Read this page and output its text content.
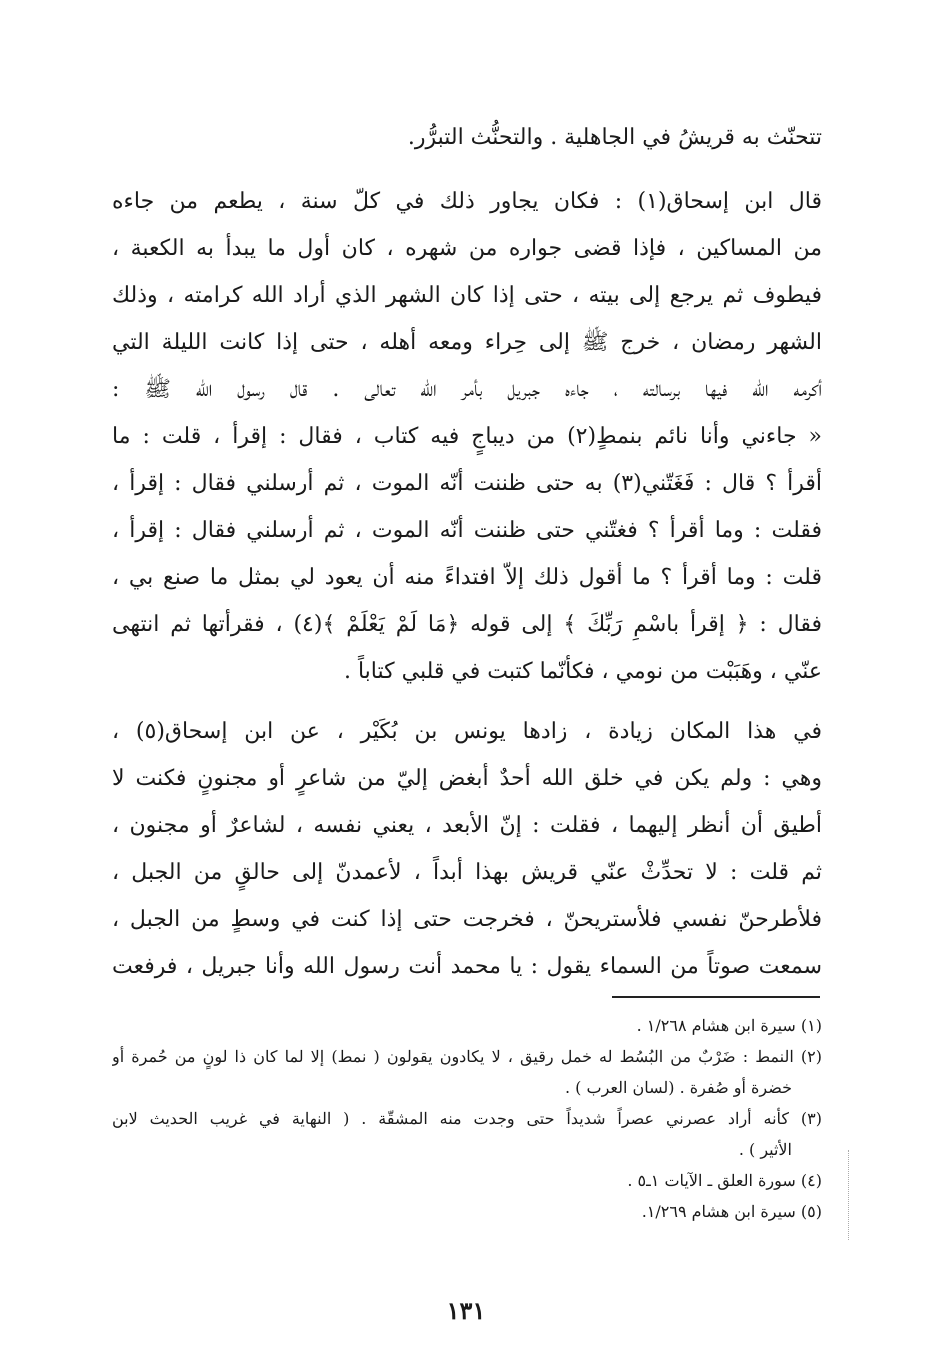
تتحنّث به قريشُ في الجاهلية . والتحنُّث التبرُّر.
قال ابن إسحاق(١) : فكان يجاور ذلك في كلّ سنة ، يطعم من جاءه
من المساكين ، فإذا قضى جواره من شهره ، كان أول ما يبدأ به الكعبة ،
فيطوف ثم يرجع إلى بيته ، حتى إذا كان الشهر الذي أراد الله كرامته ، وذلك
الشهر رمضان ، خرج ﷺ إلى حِراء ومعه أهله ، حتى إذا كانت الليلة التي
أكرمه الله فيها برسالته ، جاءه جبريل بأمر الله تعالى . قال رسول الله ﷺ :
« جاءني وأنا نائم بنمطٍ(٢) من ديباجٍ فيه كتاب ، فقال : إقرأ ، قلت : ما
أقرأ ؟ قال : فَغَتّني(٣) به حتى ظننت أنّه الموت ، ثم أرسلني فقال : إقرأ ،
فقلت : وما أقرأ ؟ فغتّني حتى ظننت أنّه الموت ، ثم أرسلني فقال : إقرأ ،
قلت : وما أقرأ ؟ ما أقول ذلك إلاّ افتداءً منه أن يعود لي بمثل ما صنع بي ،
فقال : ﴿ إقرأ باسْمِ رَبِّكَ ﴾ إلى قوله ﴿مَا لَمْ يَعْلَمْ ﴾(٤) ، فقرأتها ثم انتهى
عنّي ، وهَبَبْت من نومي ، فكأنّما كتبت في قلبي كتاباً .
في هذا المكان زيادة ، زادها يونس بن بُكَيْر ، عن ابن إسحاق(٥) ،
وهي : ولم يكن في خلق الله أحدٌ أبغض إليّ من شاعرٍ أو مجنونٍ فكنت لا
أطيق أن أنظر إليهما ، فقلت : إنّ الأبعد ، يعني نفسه ، لشاعرٌ أو مجنون ،
ثم قلت : لا تحدِّثْ عنّي قريش بهذا أبداً ، لأعمدنّ إلى حالقٍ من الجبل ،
فلأطرحنّ نفسي فلأستريحنّ ، فخرجت حتى إذا كنت في وسطٍ من الجبل ،
سمعت صوتاً من السماء يقول : يا محمد أنت رسول الله وأنا جبريل ، فرفعت
(١) سيرة ابن هشام ١/٢٦٨ .
(٢) النمط : ضَرْبٌ من البُسُط له خمل رقيق ، لا يكادون يقولون ( نمط) إلا لما كان ذا لونٍ من حُمرة أو
خضرة أو صُفرة . (لسان العرب ) .
(٣) كأنه أراد عصرني عصراً شديداً حتى وجدت منه المشقّة . ( النهاية في غريب الحديث لابن
الأثير ) .
(٤) سورة العلق ـ الآيات ١ـ٥ .
(٥) سيرة ابن هشام ١/٢٦٩.
١٣١
